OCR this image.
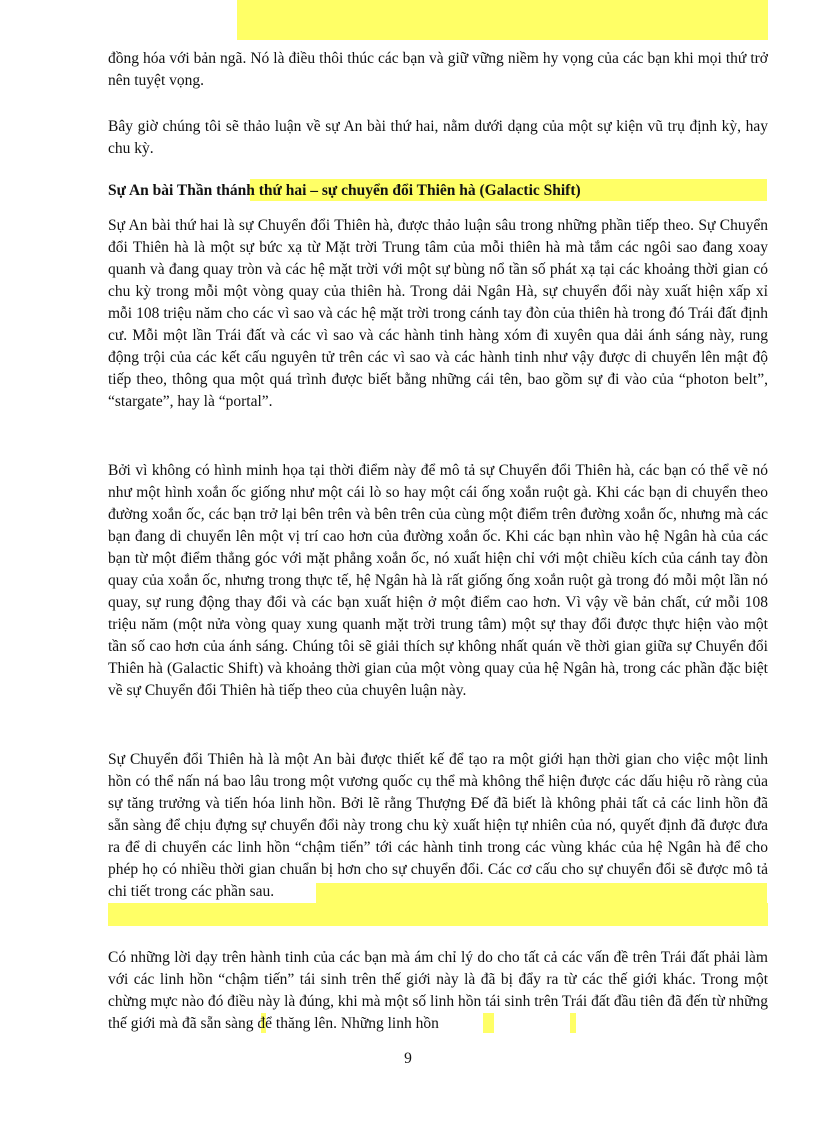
đồng hóa với bản ngã. Nó là điều thôi thúc các bạn và giữ vững niềm hy vọng của các bạn khi mọi thứ trở nên tuyệt vọng.

Bây giờ chúng tôi sẽ thảo luận về sự An bài thứ hai, nằm dưới dạng của một sự kiện vũ trụ định kỳ, hay chu kỳ.

Sự An bài Thần thánh thứ hai – sự chuyển đổi Thiên hà (Galactic Shift)

Sự An bài thứ hai là sự Chuyển đổi Thiên hà, được thảo luận sâu trong những phần tiếp theo. Sự Chuyển đổi Thiên hà là một sự bức xạ từ Mặt trời Trung tâm của mỗi thiên hà mà tắm các ngôi sao đang xoay quanh và đang quay tròn và các hệ mặt trời với một sự bùng nổ tần số phát xạ tại các khoảng thời gian có chu kỳ trong mỗi một vòng quay của thiên hà. Trong dải Ngân Hà, sự chuyển đổi này xuất hiện xấp xỉ mỗi 108 triệu năm cho các vì sao và các hệ mặt trời trong cánh tay đòn của thiên hà trong đó Trái đất định cư. Mỗi một lần Trái đất và các vì sao và các hành tinh hàng xóm đi xuyên qua dải ánh sáng này, rung động trội của các kết cấu nguyên tử trên các vì sao và các hành tinh như vậy được di chuyển lên mật độ tiếp theo, thông qua một quá trình được biết bằng những cái tên, bao gồm sự đi vào của “photon belt”, “stargate”, hay là “portal”.

Bởi vì không có hình minh họa tại thời điểm này để mô tả sự Chuyển đổi Thiên hà, các bạn có thể vẽ nó như một hình xoắn ốc giống như một cái lò so hay một cái ống xoắn ruột gà. Khi các bạn di chuyển theo đường xoắn ốc, các bạn trở lại bên trên và bên trên của cùng một điểm trên đường xoắn ốc, nhưng mà các bạn đang di chuyển lên một vị trí cao hơn của đường xoắn ốc. Khi các bạn nhìn vào hệ Ngân hà của các bạn từ một điểm thẳng góc với mặt phẳng xoắn ốc, nó xuất hiện chỉ với một chiều kích của cánh tay đòn quay của xoắn ốc, nhưng trong thực tế, hệ Ngân hà là rất giống ống xoắn ruột gà trong đó mỗi một lần nó quay, sự rung động thay đổi và các bạn xuất hiện ở một điểm cao hơn. Vì vậy về bản chất, cứ mỗi 108 triệu năm (một nửa vòng quay xung quanh mặt trời trung tâm) một sự thay đổi được thực hiện vào một tần số cao hơn của ánh sáng. Chúng tôi sẽ giải thích sự không nhất quán về thời gian giữa sự Chuyển đổi Thiên hà (Galactic Shift) và khoảng thời gian của một vòng quay của hệ Ngân hà, trong các phần đặc biệt về sự Chuyển đổi Thiên hà tiếp theo của chuyên luận này.

Sự Chuyển đổi Thiên hà là một An bài được thiết kế để tạo ra một giới hạn thời gian cho việc một linh hồn có thể nấn ná bao lâu trong một vương quốc cụ thể mà không thể hiện được các dấu hiệu rõ ràng của sự tăng trưởng và tiến hóa linh hồn. Bởi lẽ rằng Thượng Đế đã biết là không phải tất cả các linh hồn đã sẵn sàng để chịu đựng sự chuyển đổi này trong chu kỳ xuất hiện tự nhiên của nó, quyết định đã được đưa ra để di chuyển các linh hồn “chậm tiến” tới các hành tinh trong các vùng khác của hệ Ngân hà để cho phép họ có nhiều thời gian chuẩn bị hơn cho sự chuyển đổi. Các cơ cấu cho sự chuyển đổi sẽ được mô tả chi tiết trong các phần sau.

Có những lời dạy trên hành tinh của các bạn mà ám chỉ lý do cho tất cả các vấn đề trên Trái đất phải làm với các linh hồn “chậm tiến” tái sinh trên thế giới này là đã bị đẩy ra từ các thế giới khác. Trong một chừng mực nào đó điều này là đúng, khi mà một số linh hồn tái sinh trên Trái đất đầu tiên đã đến từ những thế giới mà đã sẵn sàng để thăng lên. Những linh hồn

9
